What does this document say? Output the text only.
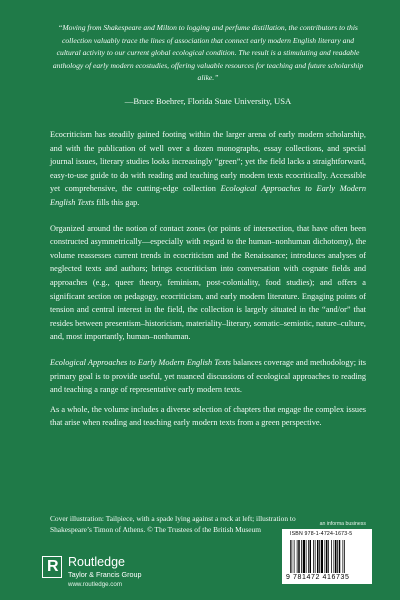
“Moving from Shakespeare and Milton to logging and perfume distillation, the contributors to this collection valuably trace the lines of association that connect early modern English literary and cultural activity to our current global ecological condition. The result is a stimulating and readable anthology of early modern ecostudies, offering valuable resources for teaching and future scholarship alike.”
—Bruce Boehrer, Florida State University, USA

Ecocriticism has steadily gained footing within the larger arena of early modern scholarship, and with the publication of well over a dozen monographs, essay collections, and special journal issues, literary studies looks increasingly “green”; yet the field lacks a straightforward, easy-to-use guide to do with reading and teaching early modern texts ecocritically. Accessible yet comprehensive, the cutting-edge collection Ecological Approaches to Early Modern English Texts fills this gap.

Organized around the notion of contact zones (or points of intersection, that have often been constructed asymmetrically—especially with regard to the human–nonhuman dichotomy), the volume reassesses current trends in ecocriticism and the Renaissance; introduces analyses of neglected texts and authors; brings ecocriticism into conversation with cognate fields and approaches (e.g., queer theory, feminism, post-coloniality, food studies); and offers a significant section on pedagogy, ecocriticism, and early modern literature. Engaging points of tension and central interest in the field, the collection is largely situated in the “and/or” that resides between presentism–historicism, materiality–literary, somatic–semiotic, nature–culture, and, most importantly, human–nonhuman.

Ecological Approaches to Early Modern English Texts balances coverage and methodology; its primary goal is to provide useful, yet nuanced discussions of ecological approaches to reading and teaching a range of representative early modern texts.

As a whole, the volume includes a diverse selection of chapters that engage the complex issues that arise when reading and teaching early modern texts from a green perspective.

Cover illustration: Tailpiece, with a spade lying against a rock at left; illustration to
Shakespeare’s Timon of Athens. © The Trustees of the British Museum
R Routledge
Taylor & Francis Group
www.routledge.com
an informa business
ISBN 978-1-4724-1673-5
9 781472 416735
